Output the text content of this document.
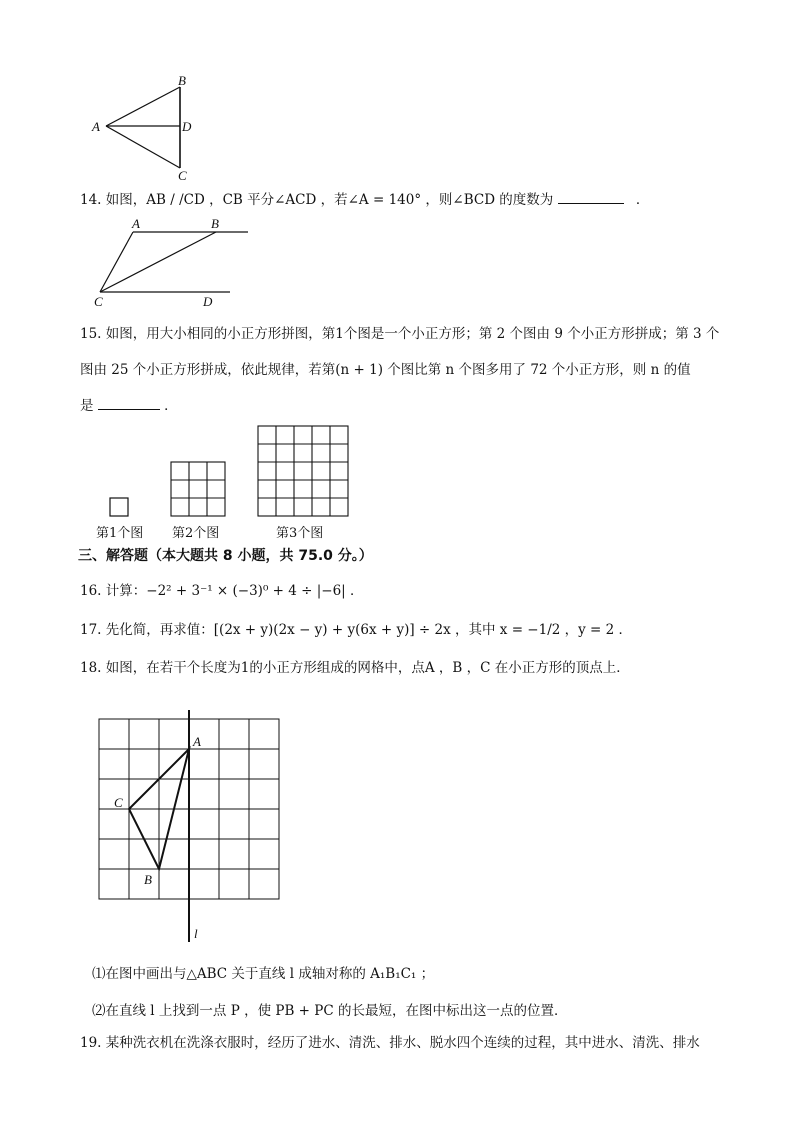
A
B
D
C
14. 如图，AB / /CD ，CB 平分∠ACD ，若∠A = 140° ，则∠BCD 的度数为	．
A	B
C	D
15. 如图，用大小相同的小正方形拼图，第1个图是一个小正方形；第 2 个图由 9 个小正方形拼成；第 3 个
图由 25 个小正方形拼成，依此规律，若第(n + 1) 个图比第 n 个图多用了 72 个小正方形，则 n 的值
是	．
第1个图 第2个图	第3个图
三、解答题（本大题共 8 小题，共 75.0 分。）
16. 计算：−2² + 3⁻¹ × (−3)⁰ + 4 ÷ |−6| ．
17. 先化简，再求值：[(2x + y)(2x − y) + y(6x + y)] ÷ 2x ，其中 x = −1/2 ，y = 2 ．
18. 如图，在若干个长度为1的小正方形组成的网格中，点A ，B ，C 在小正方形的顶点上．
A
C
B
l
⑴在图中画出与△ABC 关于直线 l 成轴对称的 A₁B₁C₁ ；
⑵在直线 l 上找到一点 P ，使 PB + PC 的长最短，在图中标出这一点的位置．
19. 某种洗衣机在洗涤衣服时，经历了进水、清洗、排水、脱水四个连续的过程，其中进水、清洗、排水
